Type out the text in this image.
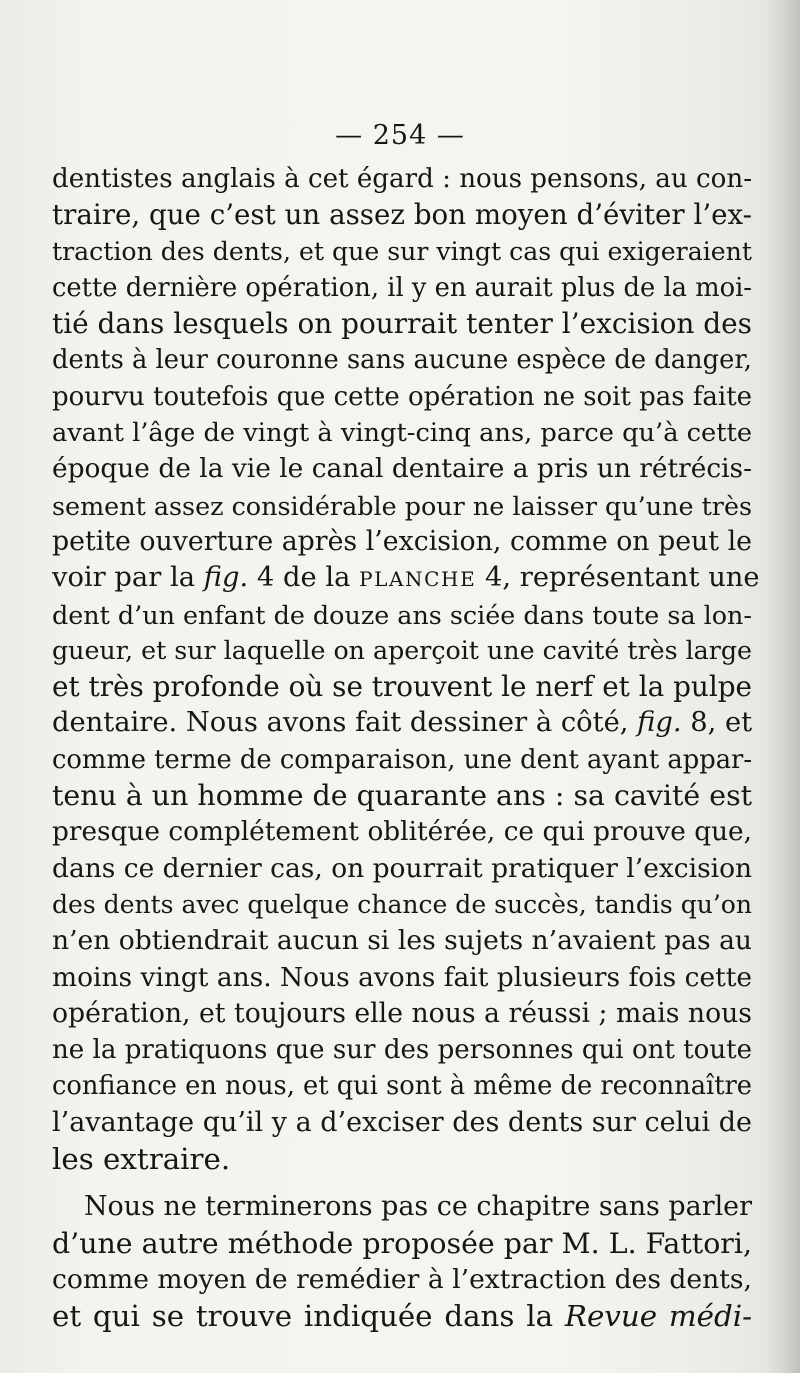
— 254 —

dentistes anglais à cet égard : nous pensons, au con-
traire, que c’est un assez bon moyen d’éviter l’ex-
traction des dents, et que sur vingt cas qui exigeraient
cette dernière opération, il y en aurait plus de la moi-
tié dans lesquels on pourrait tenter l’excision des
dents à leur couronne sans aucune espèce de danger,
pourvu toutefois que cette opération ne soit pas faite
avant l’âge de vingt à vingt-cinq ans, parce qu’à cette
époque de la vie le canal dentaire a pris un rétrécis-
sement assez considérable pour ne laisser qu’une très
petite ouverture après l’excision, comme on peut le
voir par la fig. 4 de la PLANCHE 4, représentant une
dent d’un enfant de douze ans sciée dans toute sa lon-
gueur, et sur laquelle on aperçoit une cavité très large
et très profonde où se trouvent le nerf et la pulpe
dentaire. Nous avons fait dessiner à côté, fig. 8, et
comme terme de comparaison, une dent ayant appar-
tenu à un homme de quarante ans : sa cavité est
presque complétement oblitérée, ce qui prouve que,
dans ce dernier cas, on pourrait pratiquer l’excision
des dents avec quelque chance de succès, tandis qu’on
n’en obtiendrait aucun si les sujets n’avaient pas au
moins vingt ans. Nous avons fait plusieurs fois cette
opération, et toujours elle nous a réussi ; mais nous
ne la pratiquons que sur des personnes qui ont toute
confiance en nous, et qui sont à même de reconnaître
l’avantage qu’il y a d’exciser des dents sur celui de
les extraire.
Nous ne terminerons pas ce chapitre sans parler
d’une autre méthode proposée par M. L. Fattori,
comme moyen de remédier à l’extraction des dents,
et qui se trouve indiquée dans la Revue médi-
